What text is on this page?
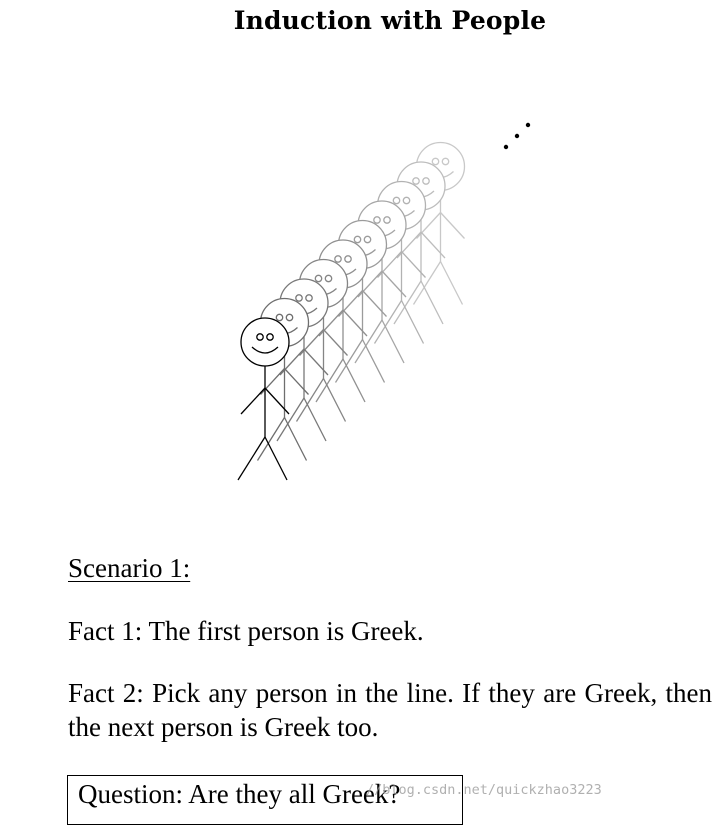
Induction with People
Scenario 1:
Fact 1: The first person is Greek.
Fact 2: Pick any person in the line. If they are Greek, then the next person is Greek too.
Question: Are they all Greek?
//blog.csdn.net/quickzhao3223
